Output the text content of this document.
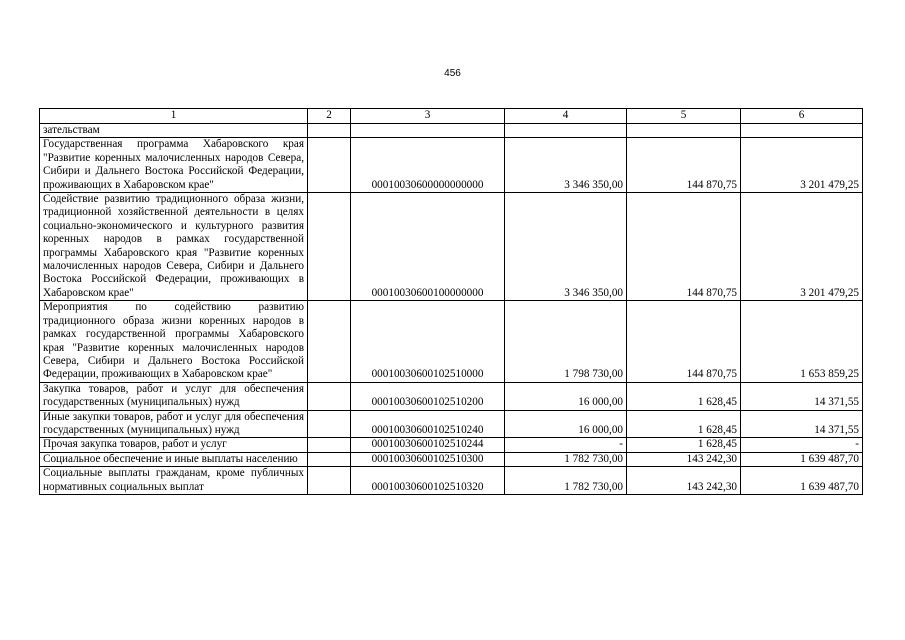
456
1	2	3	4	5	6
зательствам					
Государственная программа Хабаровского края "Развитие коренных малочисленных народов Севера, Сибири и Дальнего Востока Российской Федерации, проживающих в Хабаровском крае"		00010030600000000000	3 346 350,00	144 870,75	3 201 479,25
Содействие развитию традиционного образа жизни, традиционной хозяйственной деятельности в целях социально-экономического и культурного развития коренных народов в рамках государственной программы Хабаровского края "Развитие коренных малочисленных народов Севера, Сибири и Дальнего Востока Российской Федерации, проживающих в Хабаровском крае"		00010030600100000000	3 346 350,00	144 870,75	3 201 479,25
Мероприятия по содействию развитию традиционного образа жизни коренных народов в рамках государственной программы Хабаровского края "Развитие коренных малочисленных народов Севера, Сибири и Дальнего Востока Российской Федерации, проживающих в Хабаровском крае"		00010030600102510000	1 798 730,00	144 870,75	1 653 859,25
Закупка товаров, работ и услуг для обеспечения государственных (муниципальных) нужд		00010030600102510200	16 000,00	1 628,45	14 371,55
Иные закупки товаров, работ и услуг для обеспечения государственных (муниципальных) нужд		00010030600102510240	16 000,00	1 628,45	14 371,55
Прочая закупка товаров, работ и услуг		00010030600102510244	-	1 628,45	-
Социальное обеспечение и иные выплаты населению		00010030600102510300	1 782 730,00	143 242,30	1 639 487,70
Социальные выплаты гражданам, кроме публичных нормативных социальных выплат		00010030600102510320	1 782 730,00	143 242,30	1 639 487,70
